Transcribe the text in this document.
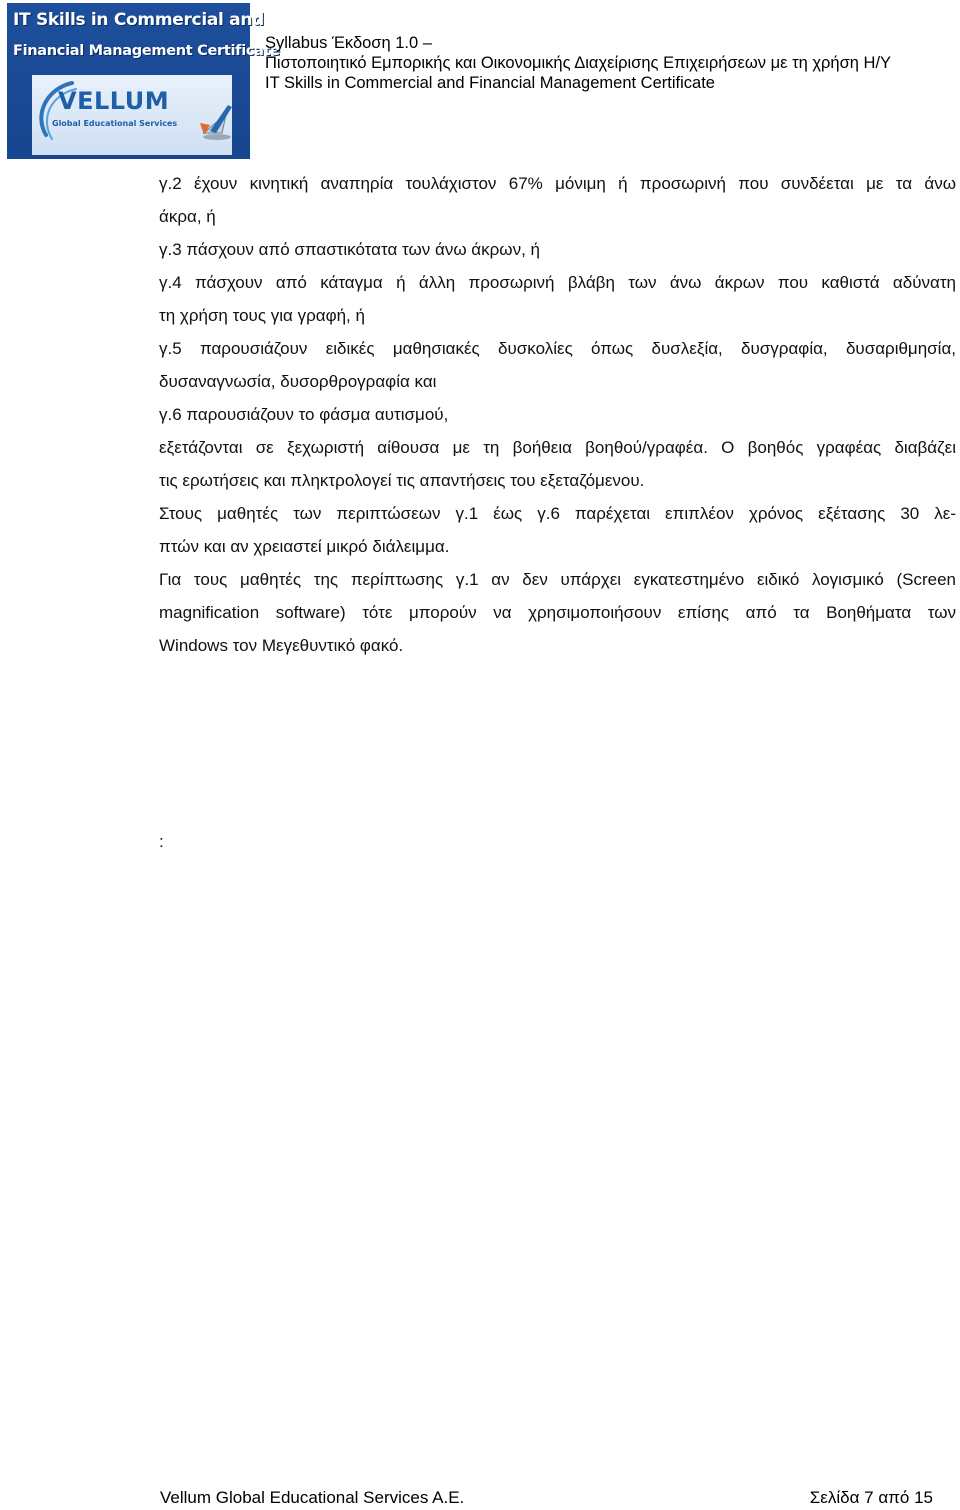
IT Skills in Commercial and
Financial Management Certificate
VELLUM
Global Educational Services
Syllabus Έκδοση 1.0 –
Πιστοποιητικό Εμπορικής και Οικονομικής Διαχείρισης Επιχειρήσεων με τη χρήση Η/Υ
IT Skills in Commercial and Financial Management Certificate
γ.2 έχουν κινητική αναπηρία τουλάχιστον 67% μόνιμη ή προσωρινή που συνδέεται με τα άνω
άκρα, ή
γ.3 πάσχουν από σπαστικότατα των άνω άκρων, ή
γ.4 πάσχουν από κάταγμα ή άλλη προσωρινή βλάβη των άνω άκρων που καθιστά αδύνατη
τη χρήση τους για γραφή, ή
γ.5 παρουσιάζουν ειδικές μαθησιακές δυσκολίες όπως δυσλεξία, δυσγραφία, δυσαριθμησία,
δυσαναγνωσία, δυσορθρογραφία και
γ.6 παρουσιάζουν το φάσμα αυτισμού,
εξετάζονται σε ξεχωριστή αίθουσα με τη βοήθεια βοηθού/γραφέα. Ο βοηθός γραφέας διαβάζει
τις ερωτήσεις και πληκτρολογεί τις απαντήσεις του εξεταζόμενου.
Στους μαθητές των περιπτώσεων γ.1 έως γ.6 παρέχεται επιπλέον χρόνος εξέτασης 30 λε-
πτών και αν χρειαστεί μικρό διάλειμμα.
Για τους μαθητές της περίπτωσης γ.1 αν δεν υπάρχει εγκατεστημένο ειδικό λογισμικό (Screen
magnification software) τότε μπορούν να χρησιμοποιήσουν επίσης από τα Βοηθήματα των
Windows τον Μεγεθυντικό φακό.
:
Vellum Global Educational Services A.E.	Σελίδα 7 από 15
